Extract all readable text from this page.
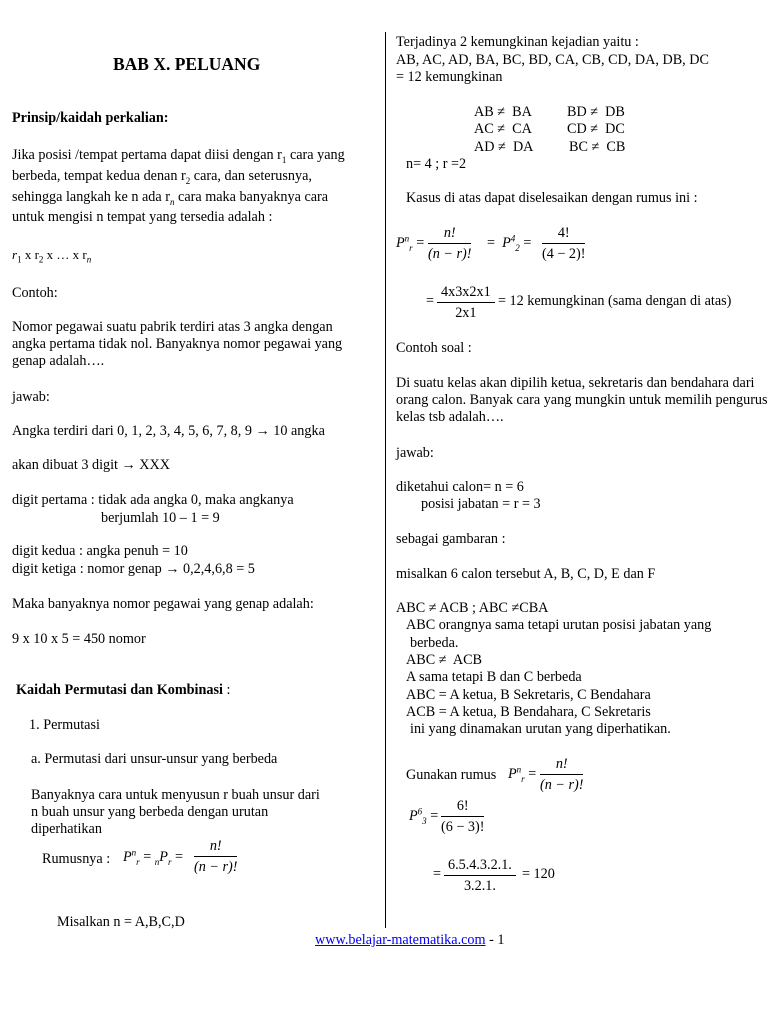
BAB X. PELUANG
Prinsip/kaidah perkalian:
Jika posisi /tempat pertama dapat diisi dengan $r_1$ cara yang
berbeda, tempat kedua denan $r_2$ cara, dan seterusnya,
sehingga langkah ke n ada $r_n$ cara maka banyaknya cara
untuk mengisi n tempat yang tersedia adalah :
$r_1$ x $r_2$ x … x $r_n$
Contoh:
Nomor pegawai suatu pabrik terdiri atas 3 angka dengan
angka pertama tidak nol. Banyaknya nomor pegawai yang
genap adalah….
jawab:
Angka terdiri dari 0, 1, 2, 3, 4, 5, 6, 7, 8, 9 → 10 angka
akan dibuat 3 digit → XXX
digit pertama : tidak ada angka 0, maka angkanya
berjumlah 10 – 1 = 9
digit kedua : angka penuh = 10
digit ketiga : nomor genap → 0,2,4,6,8 = 5
Maka banyaknya nomor pegawai yang genap adalah:
9 x 10 x 5 = 450 nomor
Kaidah Permutasi dan Kombinasi :
1. Permutasi
a. Permutasi dari unsur-unsur yang berbeda
Banyaknya cara untuk menyusun r buah unsur dari
n buah unsur yang berbeda dengan urutan
diperhatikan
Rumusnya : $P^n_r = _nP_r = \frac{n!}{(n - r)!}$
Misalkan n = A,B,C,D
Terjadinya 2 kemungkinan kejadian yaitu :
AB, AC, AD, BA, BC, BD, CA, CB, CD, DA, DB, DC
= 12 kemungkinan
AB ≠ BA BD ≠ DB
AC ≠ CA CD ≠ DC
AD ≠ DA	BC ≠ CB
n= 4 ; r =2
Kasus di atas dapat diselesaikan dengan rumus ini :
$P^n_r = \frac{n!}{(n - r)!} = P^4_2 = \frac{4!}{(4 - 2)!}$
= $\frac{4x3x2x1}{2x1} = 12$ kemungkinan (sama dengan di atas)
Contoh soal :
Di suatu kelas akan dipilih ketua, sekretaris dan bendahara dari
orang calon. Banyak cara yang mungkin untuk memilih pengurus
kelas tsb adalah….
jawab:
diketahui calon= n = 6
posisi jabatan = r = 3
sebagai gambaran :
misalkan 6 calon tersebut A, B, C, D, E dan F
ABC ≠ ACB ; ABC ≠CBA
ABC orangnya sama tetapi urutan posisi jabatan yang
berbeda.
ABC ≠ ACB
A sama tetapi B dan C berbeda
ABC = A ketua, B Sekretaris, C Bendahara
ACB = A ketua, B Bendahara, C Sekretaris
ini yang dinamakan urutan yang diperhatikan.
Gunakan rumus $P^n_r = \frac{n!}{(n - r)!}$
$P^6_3 = \frac{6!}{(6 - 3)!}$
= $\frac{6.5.4.3.2.1.}{3.2.1.} = 120$
www.belajar-matematika.com - 1
